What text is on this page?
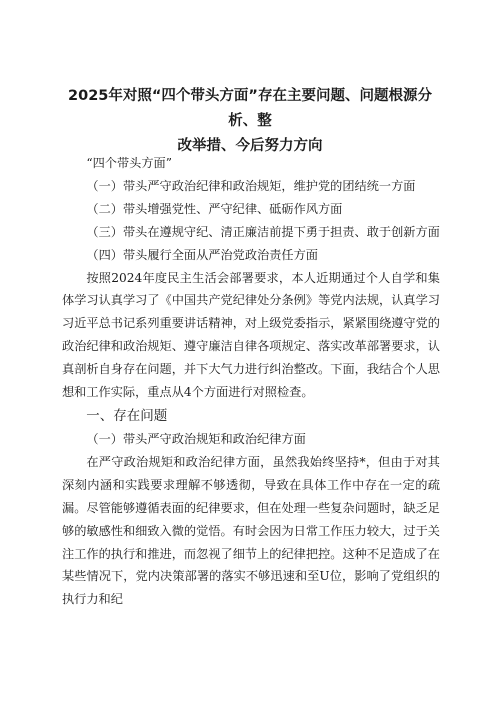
2025年对照“四个带头方面”存在主要问题、问题根源分析、整
改举措、今后努力方向

“四个带头方面”

（一）带头严守政治纪律和政治规矩，维护党的团结统一方面

（二）带头增强党性、严守纪律、砥砺作风方面

（三）带头在遵规守纪、清正廉洁前提下勇于担责、敢于创新方面

（四）带头履行全面从严治党政治责任方面

按照2024年度民主生活会部署要求，本人近期通过个人自学和集体学习认真学习了《中国共产党纪律处分条例》等党内法规，认真学习习近平总书记系列重要讲话精神，对上级党委指示，紧紧围绕遵守党的政治纪律和政治规矩、遵守廉洁自律各项规定、落实改革部署要求，认真剖析自身存在问题，并下大气力进行纠治整改。下面，我结合个人思想和工作实际，重点从4个方面进行对照检查。

一、存在问题

（一）带头严守政治规矩和政治纪律方面

在严守政治规矩和政治纪律方面，虽然我始终坚持*，但由于对其深刻内涵和实践要求理解不够透彻，导致在具体工作中存在一定的疏漏。尽管能够遵循表面的纪律要求，但在处理一些复杂问题时，缺乏足够的敏感性和细致入微的觉悟。有时会因为日常工作压力较大，过于关注工作的执行和推进，而忽视了细节上的纪律把控。这种不足造成了在某些情况下，党内决策部署的落实不够迅速和至U位，影响了党组织的执行力和纪
